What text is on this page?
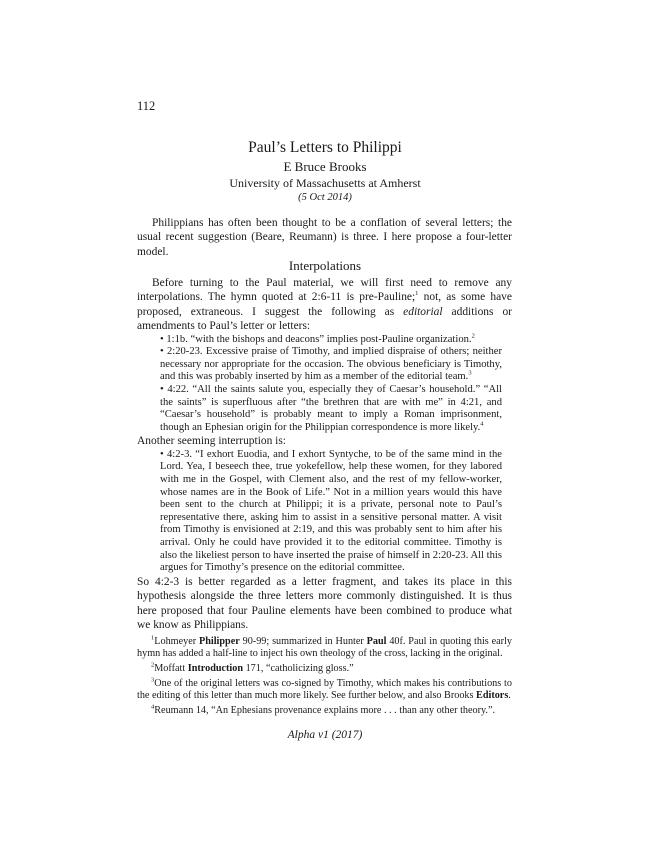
112
Paul’s Letters to Philippi
E Bruce Brooks
University of Massachusetts at Amherst
(5 Oct 2014)

Philippians has often been thought to be a conflation of several letters; the usual recent suggestion (Beare, Reumann) is three. I here propose a four-letter model.

Interpolations

Before turning to the Paul material, we will first need to remove any interpolations. The hymn quoted at 2:6-11 is pre-Pauline;$^1$ not, as some have proposed, extraneous. I suggest the following as editorial additions or amendments to Paul’s letter or letters:

• 1:1b. “with the bishops and deacons” implies post-Pauline organization.$^2$

• 2:20-23. Excessive praise of Timothy, and implied dispraise of others; neither necessary nor appropriate for the occasion. The obvious beneficiary is Timothy, and this was probably inserted by him as a member of the editorial team.$^3$

• 4:22. “All the saints salute you, especially they of Caesar’s household.” “All the saints” is superfluous after “the brethren that are with me” in 4:21, and “Caesar’s household” is probably meant to imply a Roman imprisonment, though an Ephesian origin for the Philippian correspondence is more likely.$^4$

Another seeming interruption is:

• 4:2-3. “I exhort Euodia, and I exhort Syntyche, to be of the same mind in the Lord. Yea, I beseech thee, true yokefellow, help these women, for they labored with me in the Gospel, with Clement also, and the rest of my fellow-worker, whose names are in the Book of Life.” Not in a million years would this have been sent to the church at Philippi; it is a private, personal note to Paul’s representative there, asking him to assist in a sensitive personal matter. A visit from Timothy is envisioned at 2:19, and this was probably sent to him after his arrival. Only he could have provided it to the editorial committee. Timothy is also the likeliest person to have inserted the praise of himself in 2:20-23. All this argues for Timothy’s presence on the editorial committee.

So 4:2-3 is better regarded as a letter fragment, and takes its place in this hypothesis alongside the three letters more commonly distinguished. It is thus here proposed that four Pauline elements have been combined to produce what we know as Philippians.

$^1$Lohmeyer Philipper 90-99; summarized in Hunter Paul 40f. Paul in quoting this early hymn has added a half-line to inject his own theology of the cross, lacking in the original.

$^2$Moffatt Introduction 171, “catholicizing gloss.”

$^3$One of the original letters was co-signed by Timothy, which makes his contributions to the editing of this letter than much more likely. See further below, and also Brooks Editors.

$^4$Reumann 14, “An Ephesians provenance explains more . . . than any other theory.”.

Alpha v1 (2017)
